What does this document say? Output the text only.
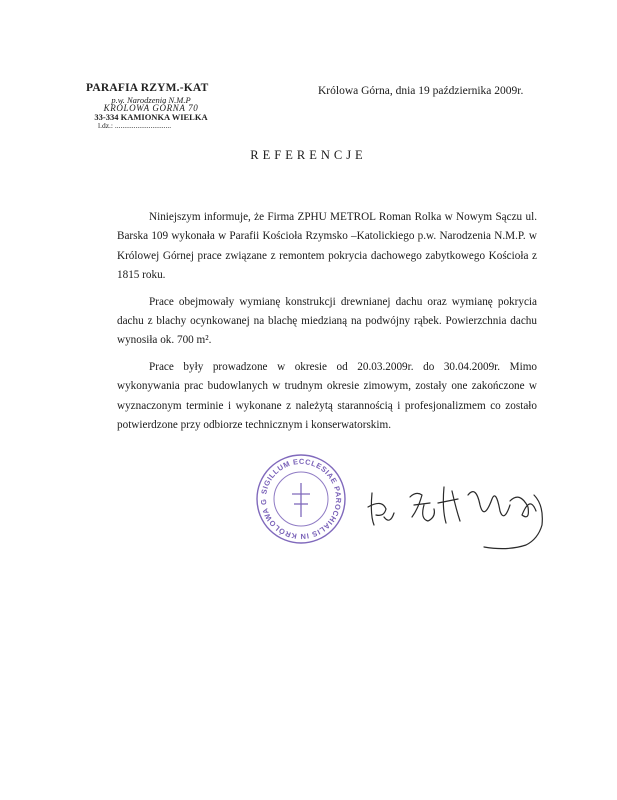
PARAFIA RZYM.-KAT
p.w. Narodzenia N.M.P
KRÓLOWA GÓRNA 70
33-334 KAMIONKA WIELKA
l.dz.: ..............................
Królowa Górna, dnia 19 października 2009r.
REFERENCJE

Niniejszym informuje, że Firma ZPHU METROL Roman Rolka w Nowym Sączu ul. Barska 109 wykonała w Parafii Kościoła Rzymsko –Katolickiego p.w. Narodzenia N.M.P. w Królowej Górnej prace związane z remontem pokrycia dachowego zabytkowego Kościoła z 1815 roku.

Prace obejmowały wymianę konstrukcji drewnianej dachu oraz wymianę pokrycia dachu z blachy ocynkowanej na blachę miedzianą na podwójny rąbek. Powierzchnia dachu wynosiła ok. 700 m².

Prace były prowadzone w okresie od 20.03.2009r. do 30.04.2009r. Mimo wykonywania prac budowlanych w trudnym okresie zimowym, zostały one zakończone w wyznaczonym terminie i wykonane z należytą starannością i profesjonalizmem co zostało potwierdzone przy odbiorze technicznym i konserwatorskim.

SIGILLUM ECCLESIAE PAROCHIALIS IN KRÓLOWA G
